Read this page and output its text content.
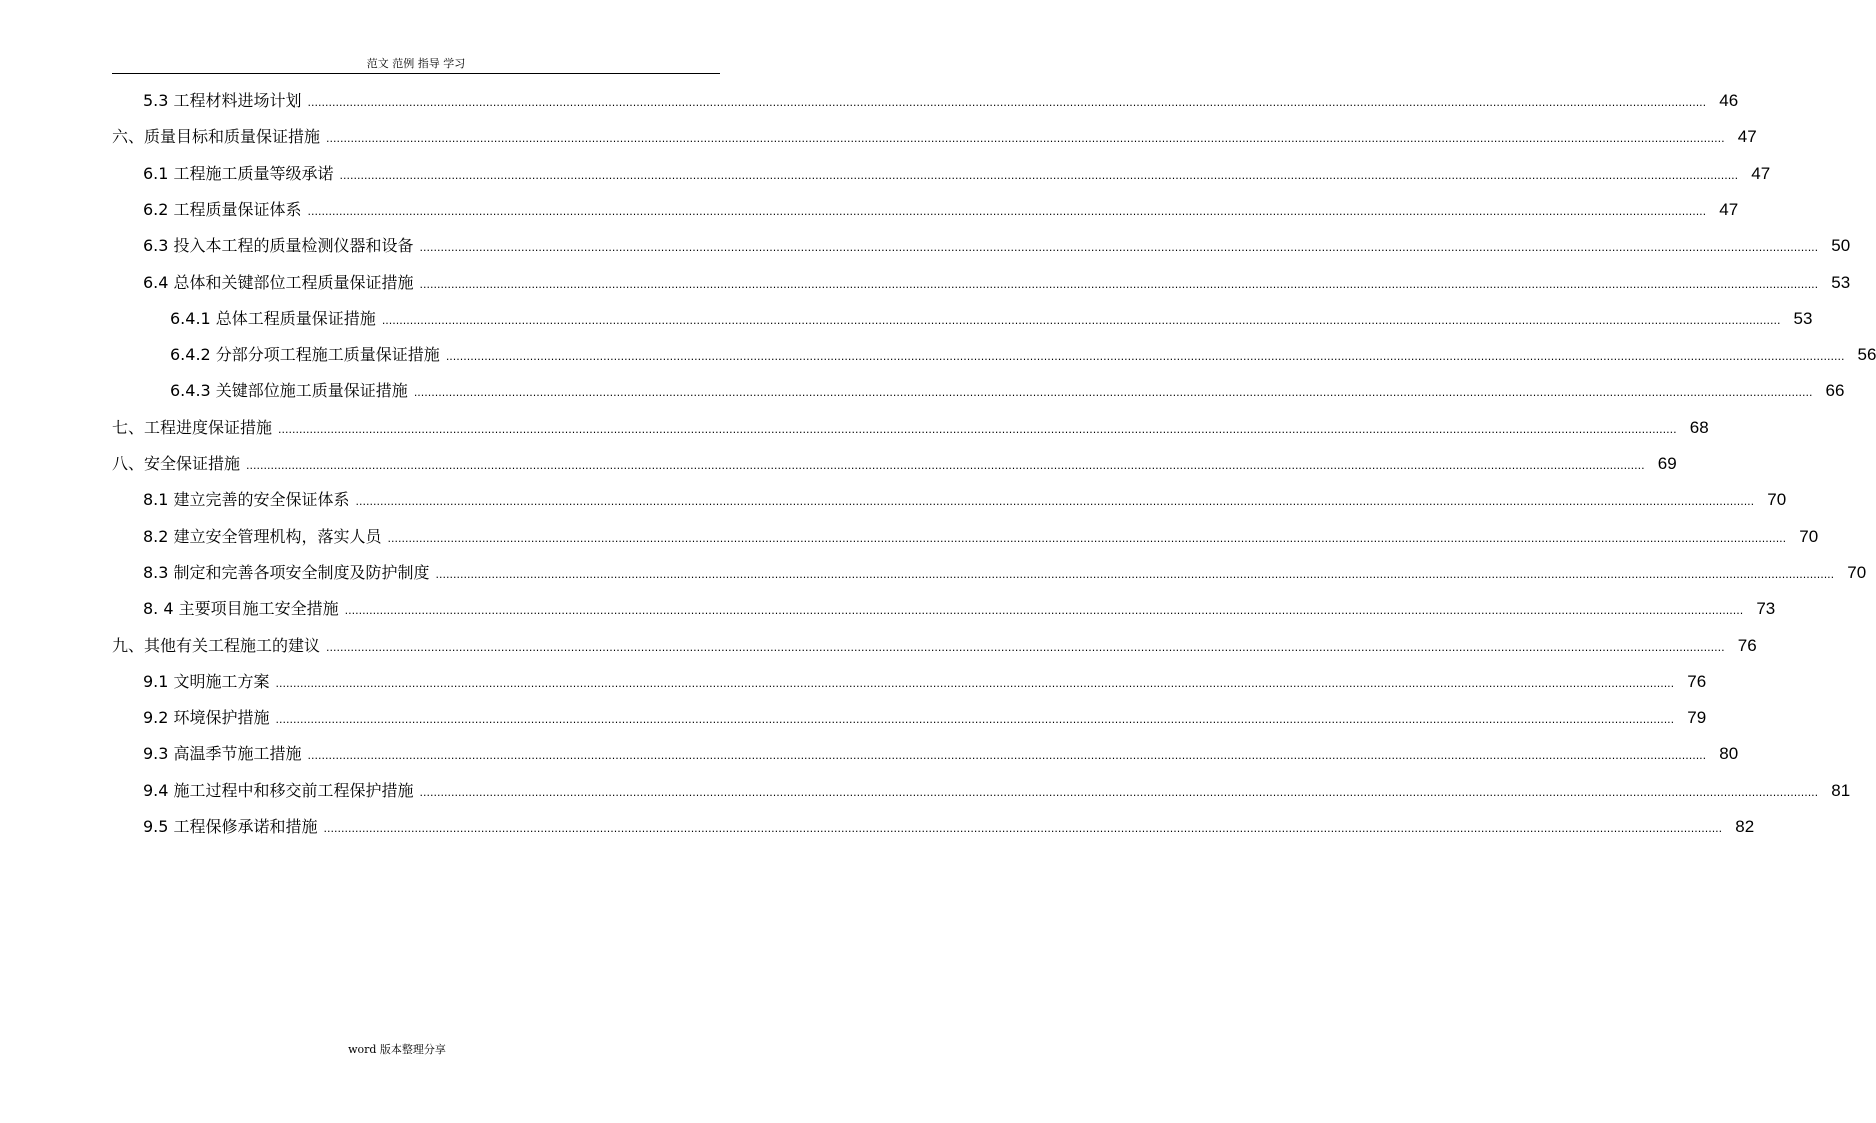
范文 范例 指导 学习
5.3 工程材料进场计划 ................................................................................................................................................................................................................................................................................................................................................................................................................ 46
六、质量目标和质量保证措施 ................................................................................................................................................................................................................................................................................................................................................................................................................ 47
6.1 工程施工质量等级承诺 ................................................................................................................................................................................................................................................................................................................................................................................................................ 47
6.2 工程质量保证体系 ................................................................................................................................................................................................................................................................................................................................................................................................................ 47
6.3 投入本工程的质量检测仪器和设备 ................................................................................................................................................................................................................................................................................................................................................................................................................ 50
6.4 总体和关键部位工程质量保证措施 ................................................................................................................................................................................................................................................................................................................................................................................................................ 53
6.4.1 总体工程质量保证措施 ................................................................................................................................................................................................................................................................................................................................................................................................................ 53
6.4.2 分部分项工程施工质量保证措施 ................................................................................................................................................................................................................................................................................................................................................................................................................ 56
6.4.3 关键部位施工质量保证措施 ................................................................................................................................................................................................................................................................................................................................................................................................................ 66
七、工程进度保证措施 ................................................................................................................................................................................................................................................................................................................................................................................................................ 68
八、安全保证措施 ................................................................................................................................................................................................................................................................................................................................................................................................................ 69
8.1 建立完善的安全保证体系 ................................................................................................................................................................................................................................................................................................................................................................................................................ 70
8.2 建立安全管理机构，落实人员 ................................................................................................................................................................................................................................................................................................................................................................................................................ 70
8.3 制定和完善各项安全制度及防护制度 ................................................................................................................................................................................................................................................................................................................................................................................................................ 70
8. 4 主要项目施工安全措施 ................................................................................................................................................................................................................................................................................................................................................................................................................ 73
九、其他有关工程施工的建议 ................................................................................................................................................................................................................................................................................................................................................................................................................ 76
9.1 文明施工方案 ................................................................................................................................................................................................................................................................................................................................................................................................................ 76
9.2 环境保护措施 ................................................................................................................................................................................................................................................................................................................................................................................................................ 79
9.3 高温季节施工措施 ................................................................................................................................................................................................................................................................................................................................................................................................................ 80
9.4 施工过程中和移交前工程保护措施 ................................................................................................................................................................................................................................................................................................................................................................................................................ 81
9.5 工程保修承诺和措施 ................................................................................................................................................................................................................................................................................................................................................................................................................ 82
word 版本整理分享
